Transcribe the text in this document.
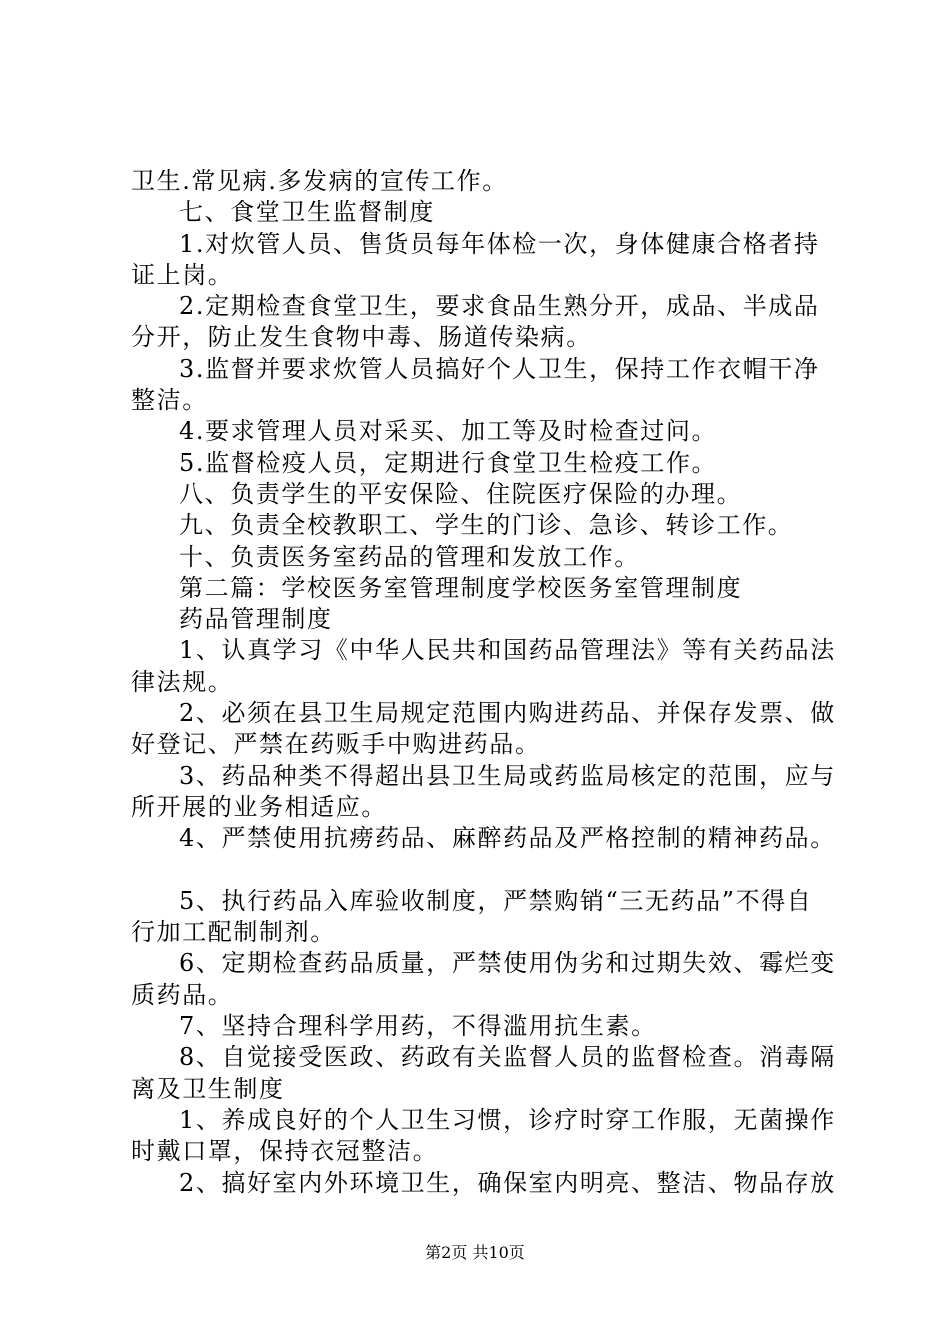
卫生.常见病.多发病的宣传工作。

七、食堂卫生监督制度

1.对炊管人员、售货员每年体检一次，身体健康合格者持

证上岗。

2.定期检查食堂卫生，要求食品生熟分开，成品、半成品

分开，防止发生食物中毒、肠道传染病。

3.监督并要求炊管人员搞好个人卫生，保持工作衣帽干净

整洁。

4.要求管理人员对采买、加工等及时检查过问。

5.监督检疫人员，定期进行食堂卫生检疫工作。

八、负责学生的平安保险、住院医疗保险的办理。

九、负责全校教职工、学生的门诊、急诊、转诊工作。

十、负责医务室药品的管理和发放工作。

第二篇：学校医务室管理制度学校医务室管理制度

药品管理制度

1、认真学习《中华人民共和国药品管理法》等有关药品法

律法规。

2、必须在县卫生局规定范围内购进药品、并保存发票、做

好登记、严禁在药贩手中购进药品。

3、药品种类不得超出县卫生局或药监局核定的范围，应与

所开展的业务相适应。

4、严禁使用抗痨药品、麻醉药品及严格控制的精神药品。

5、执行药品入库验收制度，严禁购销“三无药品”不得自

行加工配制制剂。

6、定期检查药品质量，严禁使用伪劣和过期失效、霉烂变

质药品。

7、坚持合理科学用药，不得滥用抗生素。

8、自觉接受医政、药政有关监督人员的监督检查。消毒隔

离及卫生制度

1、养成良好的个人卫生习惯，诊疗时穿工作服，无菌操作

时戴口罩，保持衣冠整洁。

2、搞好室内外环境卫生，确保室内明亮、整洁、物品存放

第2页 共10页
